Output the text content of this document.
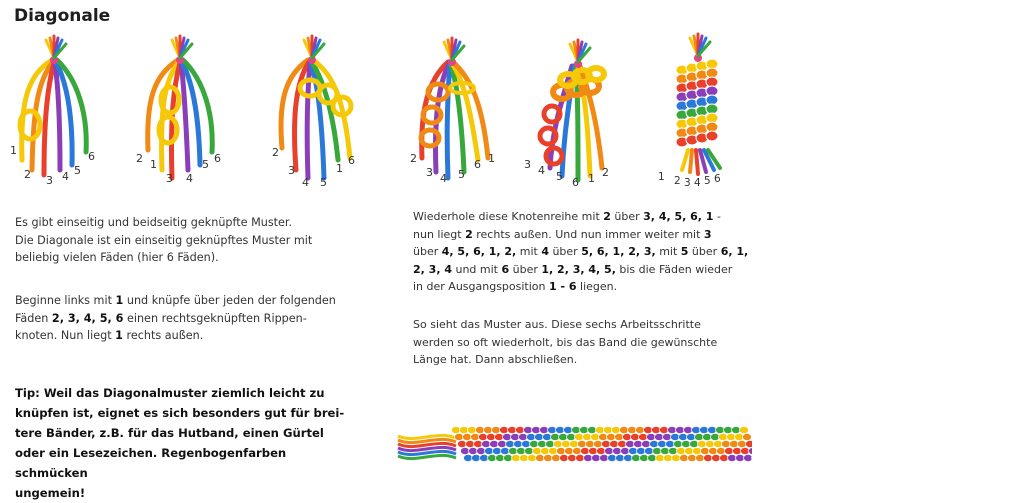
Diagonale
1
2 3 4 5
6	2 1
3 4
5 6	2
3
4 5
1
6	2
3 4 5
6 1	3 4 5 6 1 2	1 2 3 4 5 6
Es gibt einseitig und beidseitig geknüpfte Muster.
Die Diagonale ist ein einseitig geknüpftes Muster mit
beliebig vielen Fäden (hier 6 Fäden).
Beginne links mit 1 und knüpfe über jeden der folgenden
Fäden 2, 3, 4, 5, 6 einen rechtsgeknüpften Rippen-
knoten. Nun liegt 1 rechts außen.
Tip: Weil das Diagonalmuster ziemlich leicht zu
knüpfen ist, eignet es sich besonders gut für brei-
tere Bänder, z.B. für das Hutband, einen Gürtel
oder ein Lesezeichen. Regenbogenfarben schmücken
ungemein!
Wiederhole diese Knotenreihe mit 2 über 3, 4, 5, 6, 1 -
nun liegt 2 rechts außen. Und nun immer weiter mit 3
über 4, 5, 6, 1, 2, mit 4 über 5, 6, 1, 2, 3, mit 5 über 6, 1,
2, 3, 4 und mit 6 über 1, 2, 3, 4, 5, bis die Fäden wieder
in der Ausgangsposition 1 - 6 liegen.
So sieht das Muster aus. Diese sechs Arbeitsschritte
werden so oft wiederholt, bis das Band die gewünschte
Länge hat. Dann abschließen.
